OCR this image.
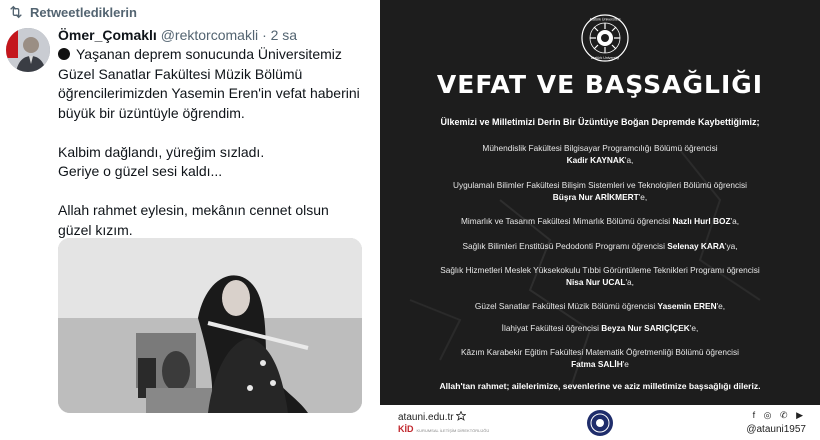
Retweetlediklerin
Ömer_Çomaklı @rektorcomakli · 2 sa

Yaşanan deprem sonucunda Üniversitemiz Güzel Sanatlar Fakültesi Müzik Bölümü öğrencilerimizden Yasemin Eren'in vefat haberini büyük bir üzüntüyle öğrendim.

Kalbim dağlandı, yüreğim sızladı.
Geriye o güzel sesi kaldı...

Allah rahmet eylesin, mekânın cennet olsun güzel kızım.

Atatürk Üniversitesi
Atatürk University
VEFAT VE BAŞSAĞLIĞI
Ülkemizi ve Milletimizi Derin Bir Üzüntüye Boğan Depremde Kaybettiğimiz;
Mühendislik Fakültesi Bilgisayar Programcılığı Bölümü öğrencisi
Kadir KAYNAK'a,
Uygulamalı Bilimler Fakültesi Bilişim Sistemleri ve Teknolojileri Bölümü öğrencisi
Büşra Nur ARİKMERT'e,
Mimarlık ve Tasarım Fakültesi Mimarlık Bölümü öğrencisi Nazlı Hurl BOZ'a,
Sağlık Bilimleri Enstitüsü Pedodonti Programı öğrencisi Selenay KARA'ya,
Sağlık Hizmetleri Meslek Yüksekokulu Tıbbi Görüntüleme Teknikleri Programı öğrencisi
Nisa Nur UCAL'a,
Güzel Sanatlar Fakültesi Müzik Bölümü öğrencisi Yasemin EREN'e,
İlahiyat Fakültesi öğrencisi Beyza Nur SARIÇİÇEK'e,
Kâzım Karabekir Eğitim Fakültesi Matematik Öğretmenliği Bölümü öğrencisi
Fatma SALİH'e
Allah'tan rahmet; ailelerimize, sevenlerine ve aziz milletimize başsağlığı dileriz.
atauni.edu.tr
KİD KURUMSAL İLETİŞİM DİREKTÖRLÜĞÜ
f ◎ ✆ ▶
@atauni1957
